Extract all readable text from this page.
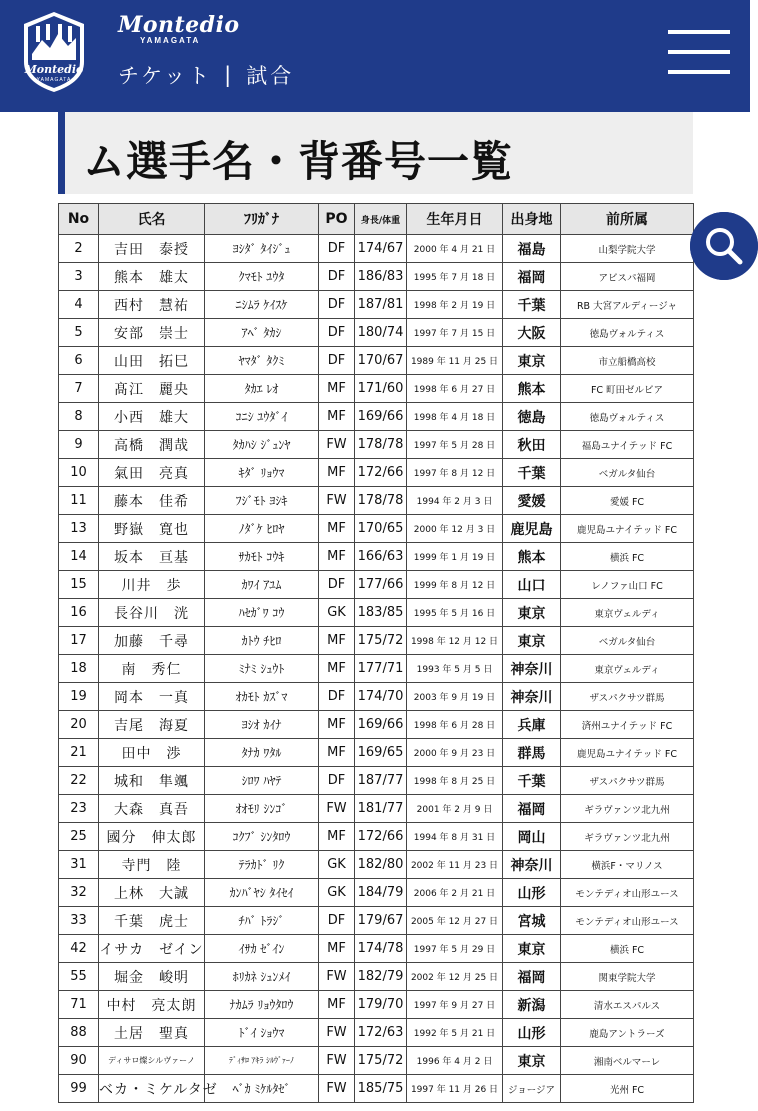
Montedio
YAMAGATA
Montedio
YAMAGATA
チケット | 試合
ム選手名・背番号一覧
No	氏名	ﾌﾘｶﾞﾅ	PO	身長/体重	生年月日	出身地	前所属
2	吉田　泰授	ﾖｼﾀﾞ ﾀｲｼﾞｭ	DF	174/67	2000 年 4 月 21 日	福島	山梨学院大学
3	熊本　雄太	ｸﾏﾓﾄ ﾕｳﾀ	DF	186/83	1995 年 7 月 18 日	福岡	アビスパ福岡
4	西村　慧祐	ﾆｼﾑﾗ ｹｲｽｹ	DF	187/81	1998 年 2 月 19 日	千葉	RB 大宮アルディージャ
5	安部　崇士	ｱﾍﾞ ﾀｶｼ	DF	180/74	1997 年 7 月 15 日	大阪	徳島ヴォルティス
6	山田　拓巳	ﾔﾏﾀﾞ ﾀｸﾐ	DF	170/67	1989 年 11 月 25 日	東京	市立船橋高校
7	髙江　麗央	ﾀｶｴ ﾚｵ	MF	171/60	1998 年 6 月 27 日	熊本	FC 町田ゼルビア
8	小西　雄大	ｺﾆｼ ﾕｳﾀﾞｲ	MF	169/66	1998 年 4 月 18 日	徳島	徳島ヴォルティス
9	高橋　潤哉	ﾀｶﾊｼ ｼﾞｭﾝﾔ	FW	178/78	1997 年 5 月 28 日	秋田	福島ユナイテッド FC
10	氣田　亮真	ｷﾀﾞ ﾘｮｳﾏ	MF	172/66	1997 年 8 月 12 日	千葉	ベガルタ仙台
11	藤本　佳希	ﾌｼﾞﾓﾄ ﾖｼｷ	FW	178/78	1994 年 2 月 3 日	愛媛	愛媛 FC
13	野嶽　寛也	ﾉﾀﾞｹ ﾋﾛﾔ	MF	170/65	2000 年 12 月 3 日	鹿児島	鹿児島ユナイテッド FC
14	坂本　亘基	ｻｶﾓﾄ ｺｳｷ	MF	166/63	1999 年 1 月 19 日	熊本	横浜 FC
15	川井　歩	ｶﾜｲ ｱﾕﾑ	DF	177/66	1999 年 8 月 12 日	山口	レノファ山口 FC
16	長谷川　洸	ﾊｾｶﾞﾜ ｺｳ	GK	183/85	1995 年 5 月 16 日	東京	東京ヴェルディ
17	加藤　千尋	ｶﾄｳ ﾁﾋﾛ	MF	175/72	1998 年 12 月 12 日	東京	ベガルタ仙台
18	南　秀仁	ﾐﾅﾐ ｼｭｳﾄ	MF	177/71	1993 年 5 月 5 日	神奈川	東京ヴェルディ
19	岡本　一真	ｵｶﾓﾄ ｶｽﾞﾏ	DF	174/70	2003 年 9 月 19 日	神奈川	ザスパクサツ群馬
20	吉尾　海夏	ﾖｼｵ ｶｲﾅ	MF	169/66	1998 年 6 月 28 日	兵庫	済州ユナイテッド FC
21	田中　渉	ﾀﾅｶ ﾜﾀﾙ	MF	169/65	2000 年 9 月 23 日	群馬	鹿児島ユナイテッド FC
22	城和　隼颯	ｼﾛﾜ ﾊﾔﾃ	DF	187/77	1998 年 8 月 25 日	千葉	ザスパクサツ群馬
23	大森　真吾	ｵｵﾓﾘ ｼﾝｺﾞ	FW	181/77	2001 年 2 月 9 日	福岡	ギラヴァンツ北九州
25	國分　伸太郎	ｺｸﾌﾞ ｼﾝﾀﾛｳ	MF	172/66	1994 年 8 月 31 日	岡山	ギラヴァンツ北九州
31	寺門　陸	ﾃﾗｶﾄﾞ ﾘｸ	GK	182/80	2002 年 11 月 23 日	神奈川	横浜F・マリノス
32	上林　大誠	ｶﾝﾊﾞﾔｼ ﾀｲｾｲ	GK	184/79	2006 年 2 月 21 日	山形	モンテディオ山形ユース
33	千葉　虎士	ﾁﾊﾞ ﾄﾗｼﾞ	DF	179/67	2005 年 12 月 27 日	宮城	モンテディオ山形ユース
42	イサカ　ゼイン	ｲｻｶ ｾﾞｲﾝ	MF	174/78	1997 年 5 月 29 日	東京	横浜 FC
55	堀金　峻明	ﾎﾘｶﾈ ｼｭﾝﾒｲ	FW	182/79	2002 年 12 月 25 日	福岡	関東学院大学
71	中村　亮太朗	ﾅｶﾑﾗ ﾘｮｳﾀﾛｳ	MF	179/70	1997 年 9 月 27 日	新潟	清水エスパルス
88	土居　聖真	ﾄﾞｲ ｼｮｳﾏ	FW	172/63	1992 年 5 月 21 日	山形	鹿島アントラーズ
90	ディサロ燦シルヴァーノ	ﾃﾞｨｻﾛ ｱｷﾗ ｼﾙｳﾞｧｰﾉ	FW	175/72	1996 年 4 月 2 日	東京	湘南ベルマーレ
99	ベカ・ミケルタゼ	ﾍﾞｶ ﾐｹﾙﾀｾﾞ	FW	185/75	1997 年 11 月 26 日	ジョージア	光州 FC
